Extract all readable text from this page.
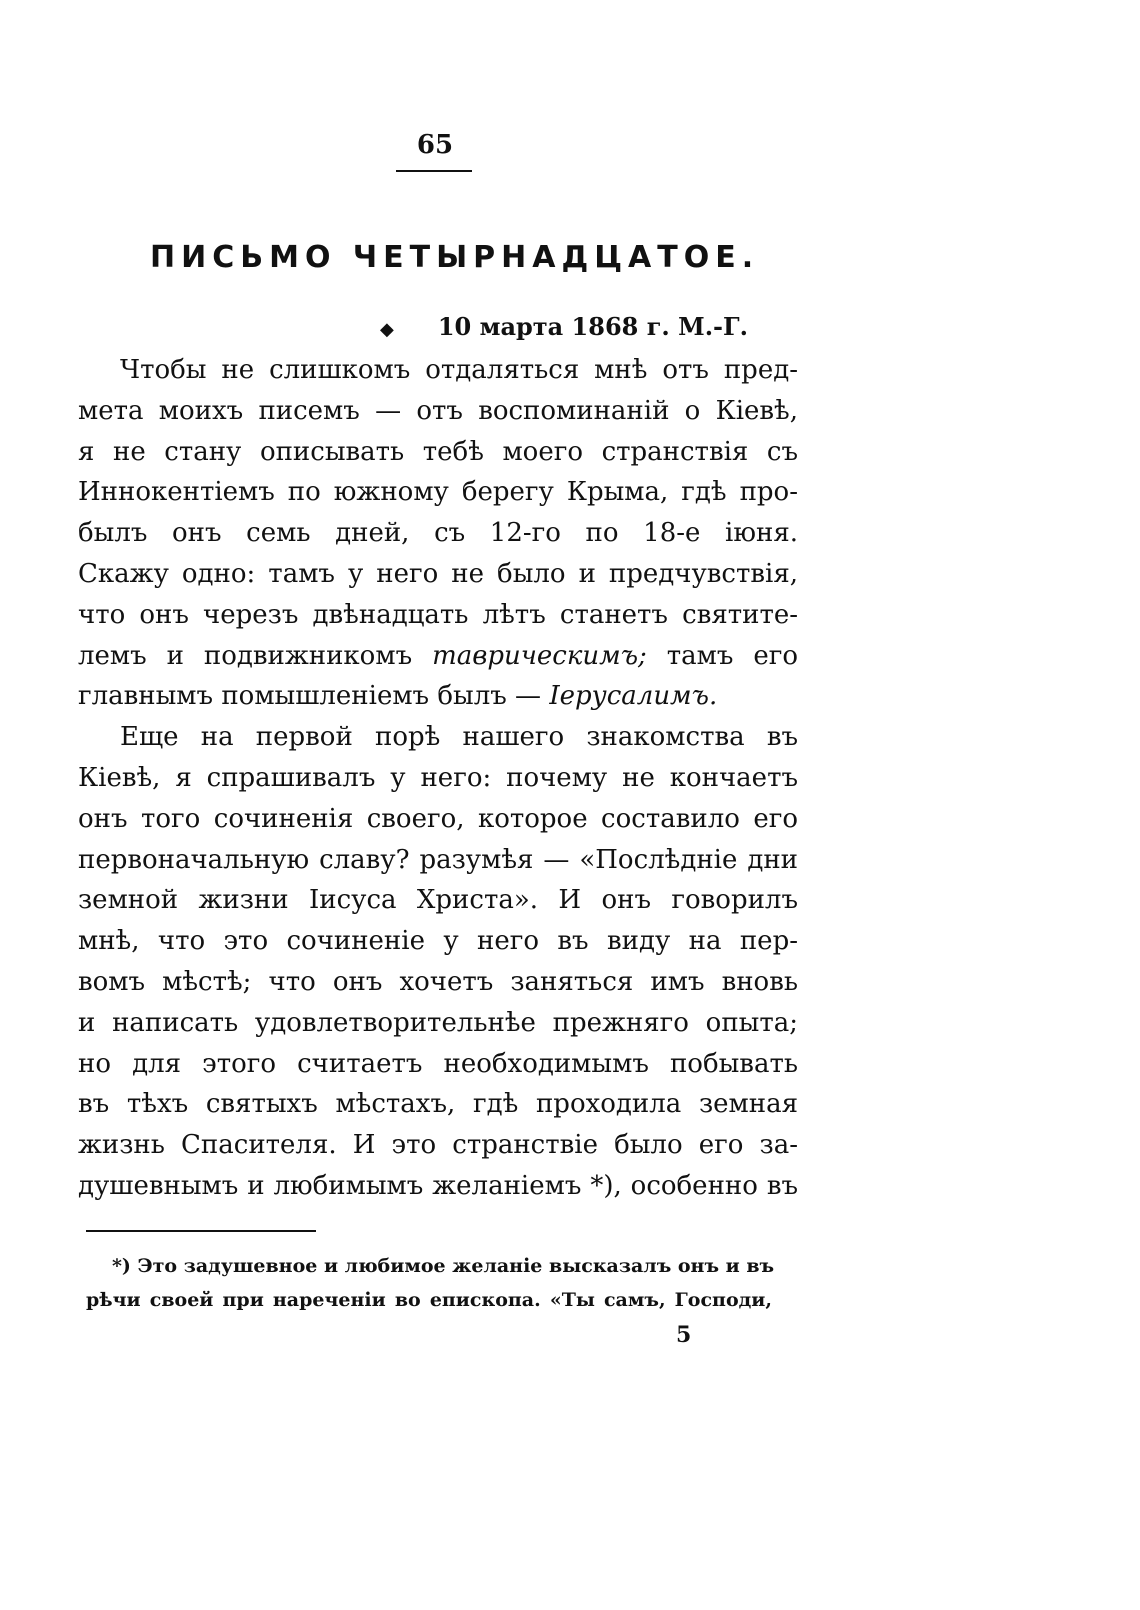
65
ПИСЬМО ЧЕТЫРНАДЦАТОЕ.
◆ 10 марта 1868 г. М.-Г.
Чтобы не слишкомъ отдаляться мнѣ отъ пред-
мета моихъ писемъ — отъ воспоминаній о Кіевѣ,
я не стану описывать тебѣ моего странствія съ
Иннокентіемъ по южному берегу Крыма, гдѣ про-
былъ онъ семь дней, съ 12-го по 18-е іюня.
Скажу одно: тамъ у него не было и предчувствія,
что онъ черезъ двѣнадцать лѣтъ станетъ святите-
лемъ и подвижникомъ таврическимъ; тамъ его
главнымъ помышленіемъ былъ — Іерусалимъ.
Еще на первой порѣ нашего знакомства въ
Кіевѣ, я спрашивалъ у него: почему не кончаетъ
онъ того сочиненія своего, которое составило его
первоначальную славу? разумѣя — «Послѣдніе дни
земной жизни Іисуса Христа». И онъ говорилъ
мнѣ, что это сочиненіе у него въ виду на пер-
вомъ мѣстѣ; что онъ хочетъ заняться имъ вновь
и написать удовлетворительнѣе прежняго опыта;
но для этого считаетъ необходимымъ побывать
въ тѣхъ святыхъ мѣстахъ, гдѣ проходила земная
жизнь Спасителя. И это странствіе было его за-
душевнымъ и любимымъ желаніемъ *), особенно въ
*) Это задушевное и любимое желаніе высказалъ онъ и въ
рѣчи своей при нареченіи во епископа. «Ты самъ, Господи,
5
